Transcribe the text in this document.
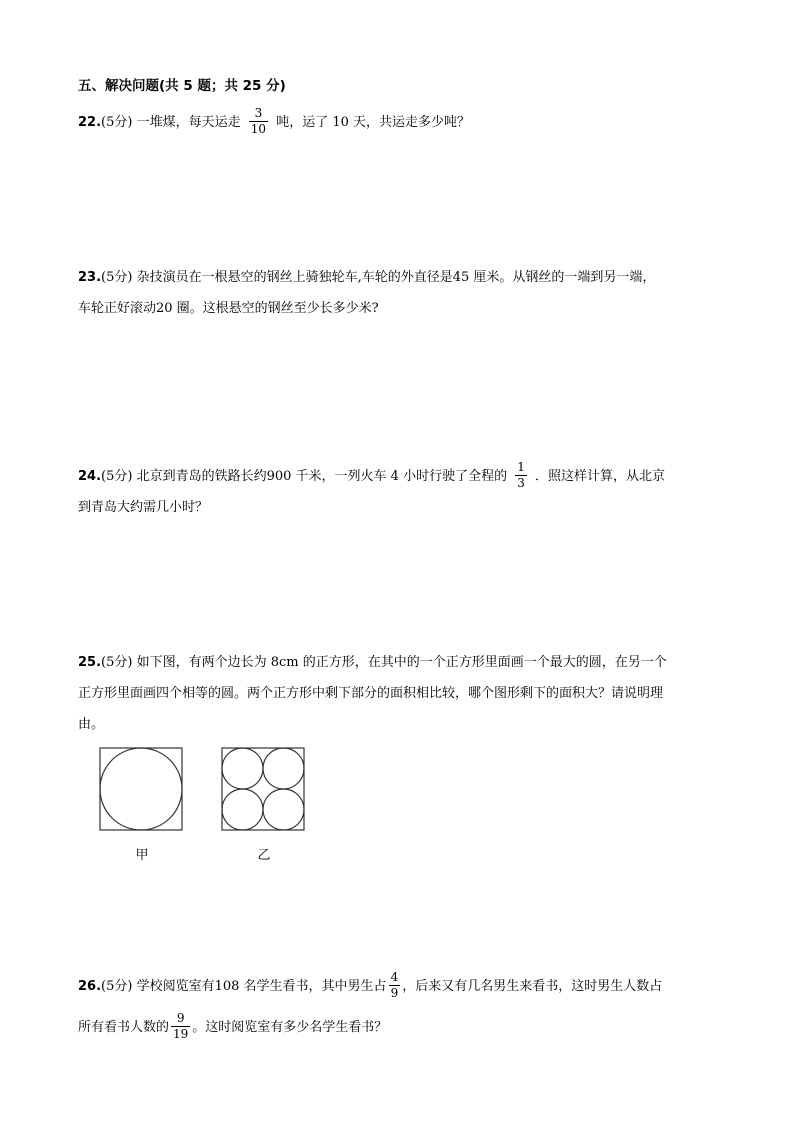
五、解决问题(共 5 题；共 25 分)
22.(5分) 一堆煤，每天运走 $\frac{3}{10}$ 吨，运了 10 天，共运走多少吨？
23.(5分) 杂技演员在一根悬空的钢丝上骑独轮车,车轮的外直径是45 厘米。从钢丝的一端到另一端，
车轮正好滚动20 圈。这根悬空的钢丝至少长多少米?
24.(5分) 北京到青岛的铁路长约900 千米，一列火车 4 小时行驶了全程的 $\frac{1}{3}$ ．照这样计算，从北京
到青岛大约需几小时？
25.(5分) 如下图，有两个边长为 8cm 的正方形，在其中的一个正方形里面画一个最大的圆，在另一个
正方形里面画四个相等的圆。两个正方形中剩下部分的面积相比较，哪个图形剩下的面积大？请说明理
由。
甲	乙
26.(5分) 学校阅览室有108 名学生看书，其中男生占 $\frac{4}{9}$ ，后来又有几名男生来看书，这时男生人数占
所有看书人数的 $\frac{9}{19}$ 。这时阅览室有多少名学生看书？
